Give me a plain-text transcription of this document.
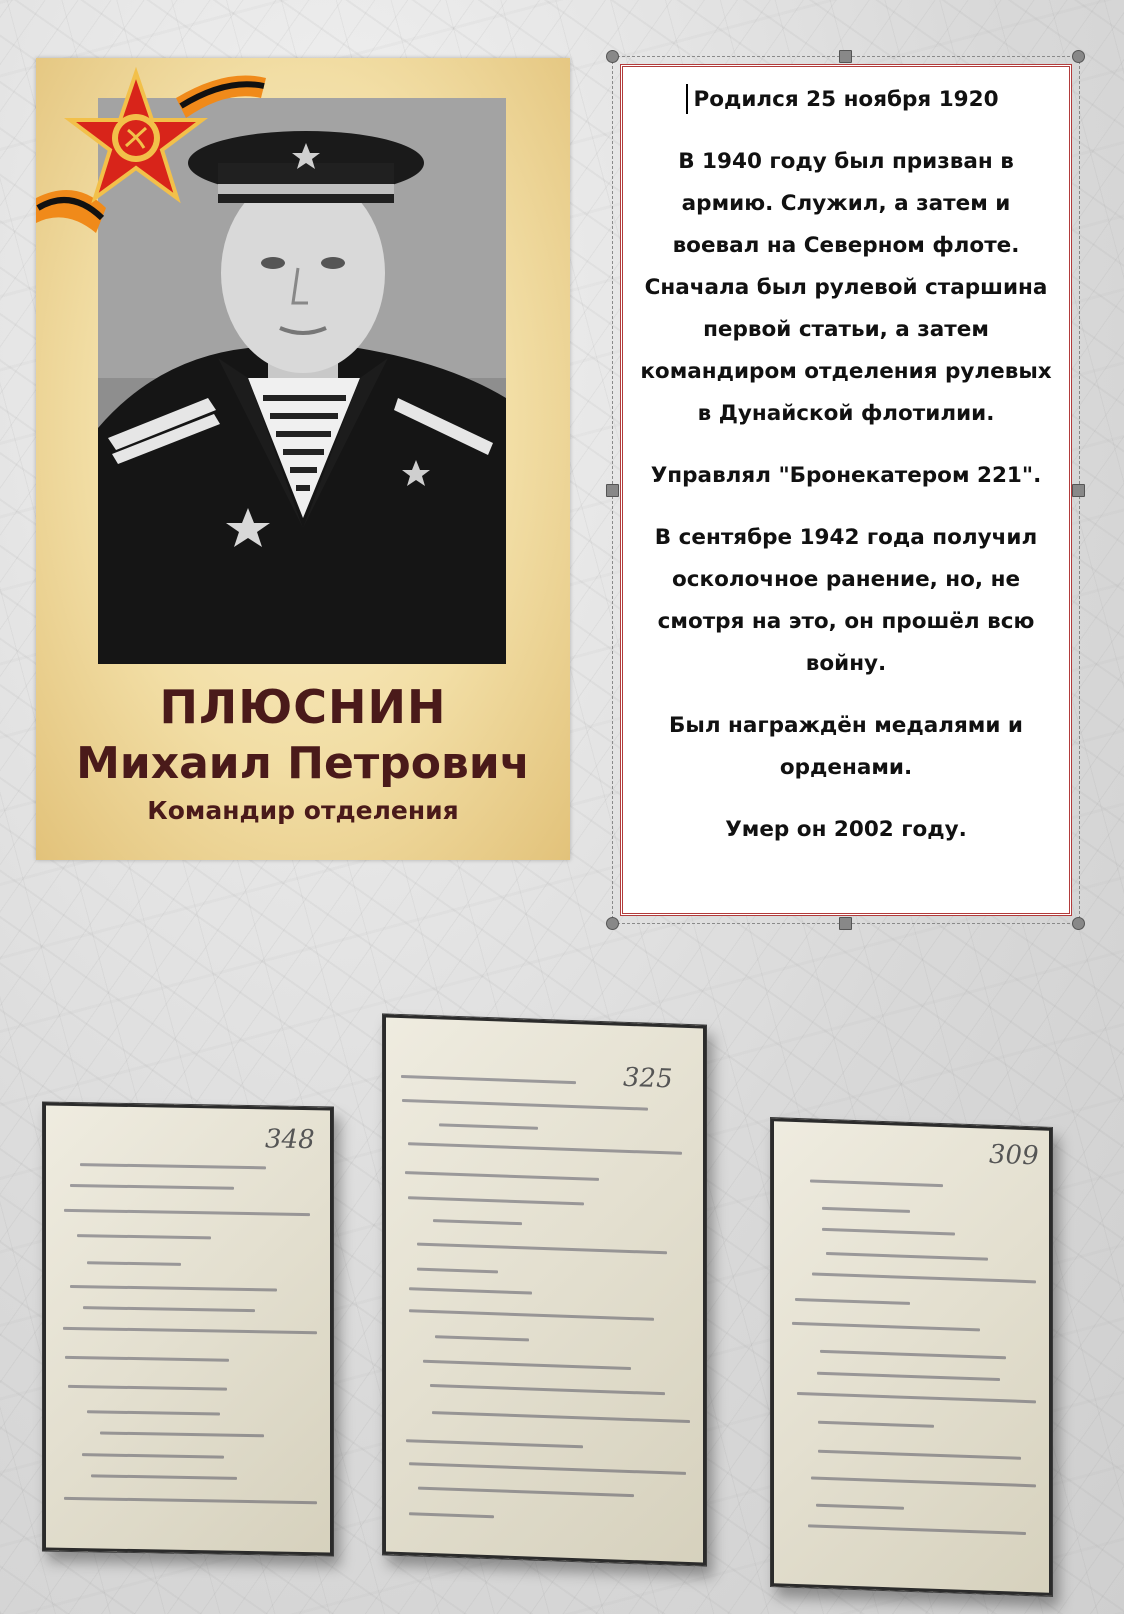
ПЛЮСНИН
Михаил Петрович
Командир отделения

Родился 25 ноября 1920

В 1940 году был призван в армию. Служил, а затем и воевал на Северном флоте. Сначала был рулевой старшина первой статьи, а затем командиром отделения рулевых в Дунайской флотилии.

Управлял "Бронекатером 221".

В сентябре 1942 года получил осколочное ранение, но, не смотря на это, он прошёл всю войну.

Был награждён медалями и орденами.

Умер он 2002 году.

348
325
309
